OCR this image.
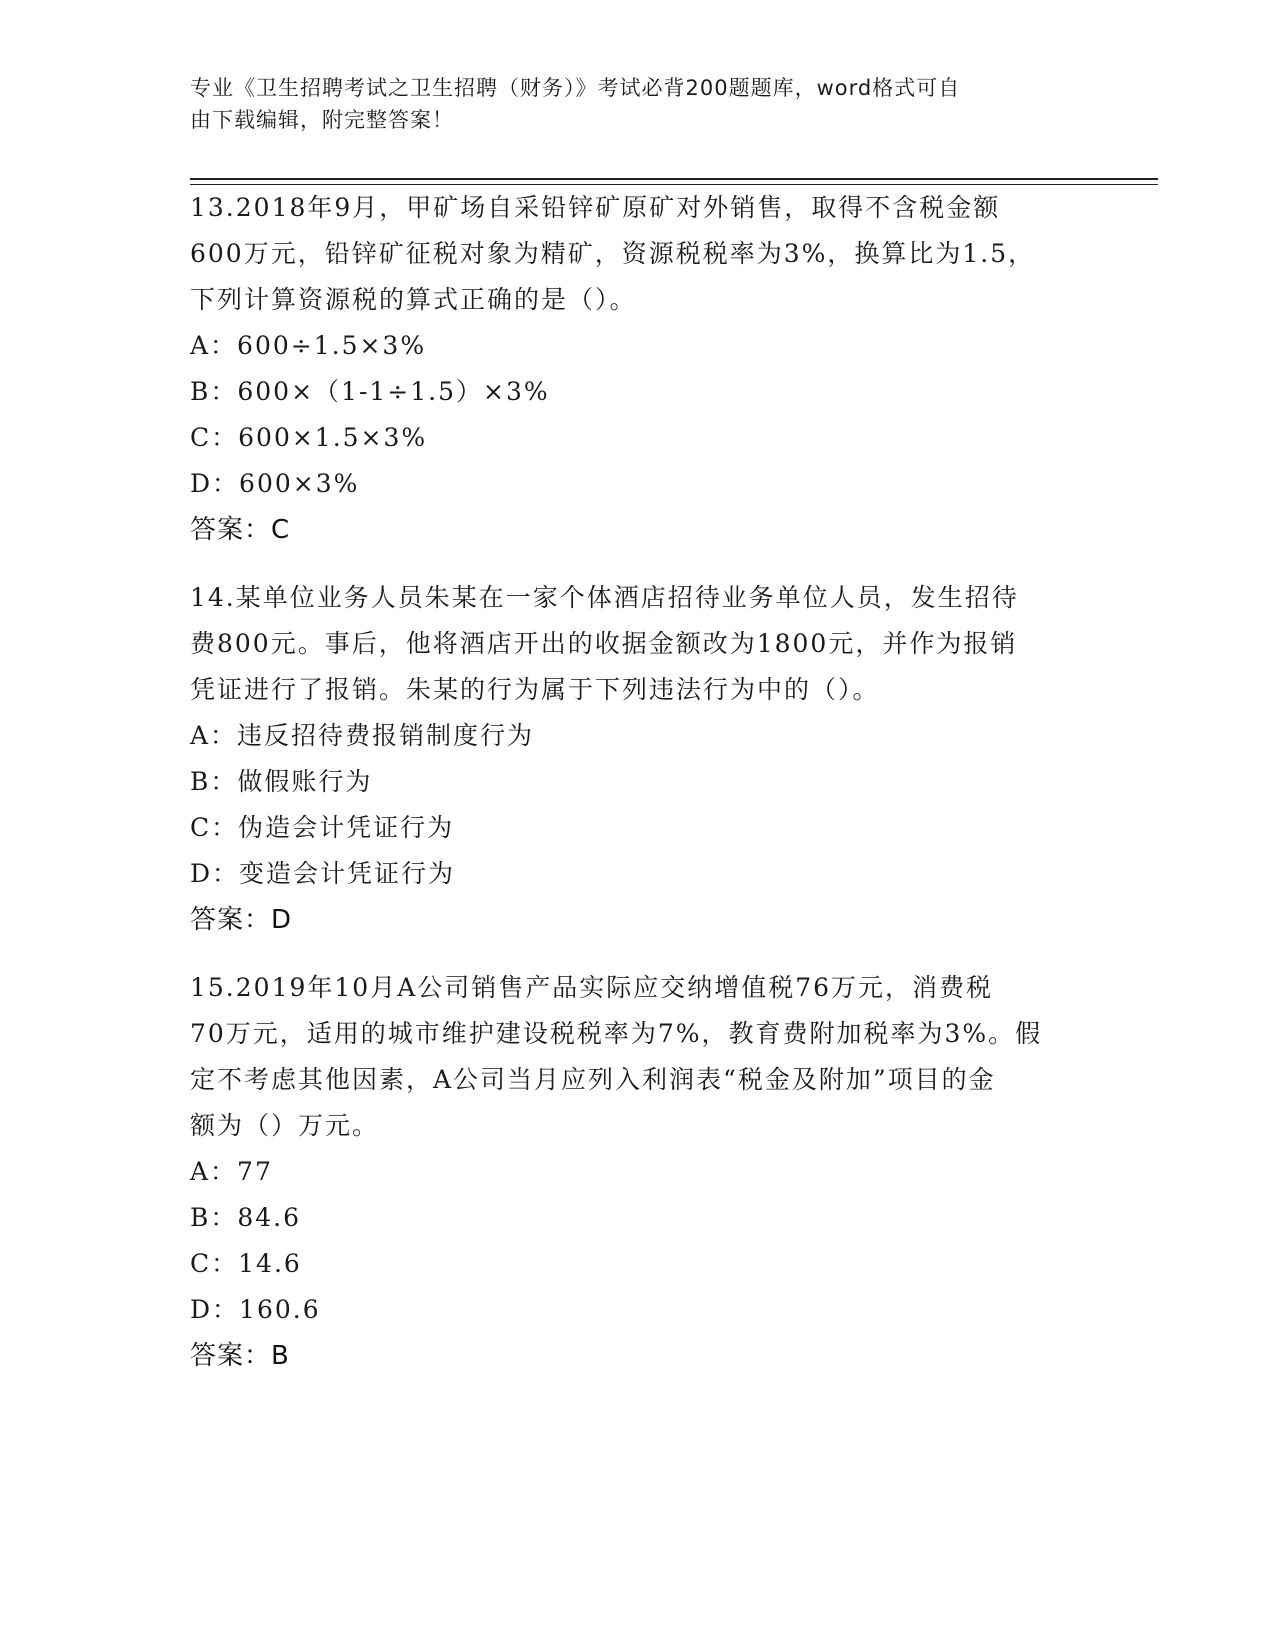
专业《卫生招聘考试之卫生招聘（财务）》考试必背200题题库，word格式可自
由下载编辑，附完整答案！

13.2018年9月，甲矿场自采铅锌矿原矿对外销售，取得不含税金额

600万元，铅锌矿征税对象为精矿，资源税税率为3%，换算比为1.5，

下列计算资源税的算式正确的是（）。

A：600÷1.5×3%

B：600×（1-1÷1.5）×3%

C：600×1.5×3%

D：600×3%

答案：C

14.某单位业务人员朱某在一家个体酒店招待业务单位人员，发生招待

费800元。事后，他将酒店开出的收据金额改为1800元，并作为报销

凭证进行了报销。朱某的行为属于下列违法行为中的（）。

A：违反招待费报销制度行为

B：做假账行为

C：伪造会计凭证行为

D：变造会计凭证行为

答案：D

15.2019年10月A公司销售产品实际应交纳增值税76万元，消费税

70万元，适用的城市维护建设税税率为7%，教育费附加税率为3%。假

定不考虑其他因素，A公司当月应列入利润表“税金及附加”项目的金

额为（）万元。

A：77

B：84.6

C：14.6

D：160.6

答案：B
